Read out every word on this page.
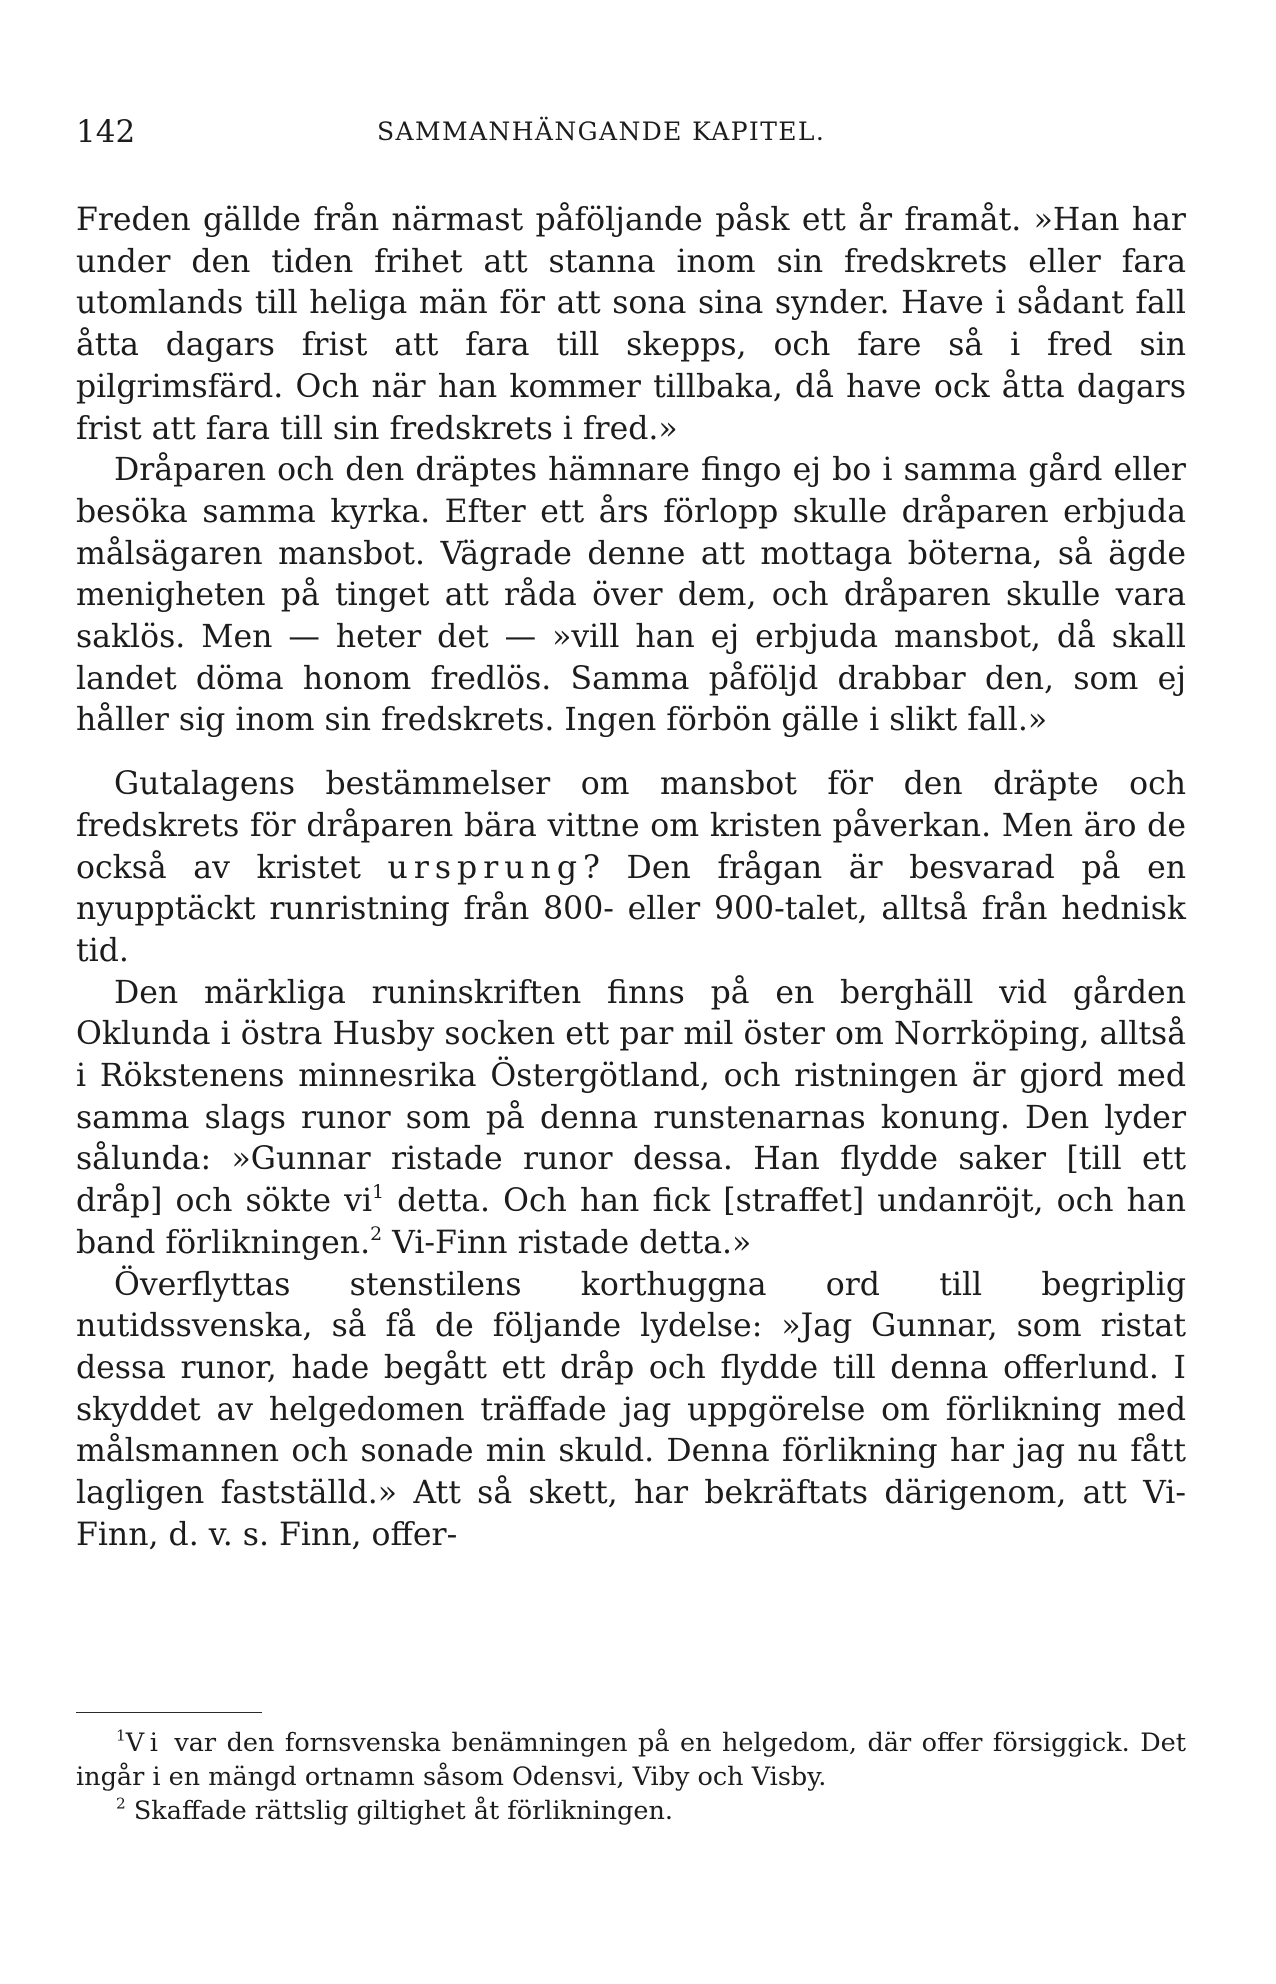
142	SAMMANHÄNGANDE KAPITEL.

Freden gällde från närmast påföljande påsk ett år framåt. »Han har under den tiden frihet att stanna inom sin fredskrets eller fara utomlands till heliga män för att sona sina synder. Have i sådant fall åtta dagars frist att fara till skepps, och fare så i fred sin pilgrimsfärd. Och när han kommer tillbaka, då have ock åtta dagars frist att fara till sin fredskrets i fred.»

Dråparen och den dräptes hämnare fingo ej bo i samma gård eller besöka samma kyrka. Efter ett års förlopp skulle dråparen erbjuda målsägaren mansbot. Vägrade denne att mottaga böterna, så ägde menigheten på tinget att råda över dem, och dråparen skulle vara saklös. Men — heter det — »vill han ej erbjuda mansbot, då skall landet döma honom fredlös. Samma påföljd drabbar den, som ej håller sig inom sin fredskrets. Ingen förbön gälle i slikt fall.»

Gutalagens bestämmelser om mansbot för den dräpte och fredskrets för dråparen bära vittne om kristen påverkan. Men äro de också av kristet ursprung? Den frågan är besvarad på en nyupptäckt runristning från 800- eller 900-talet, alltså från hednisk tid.

Den märkliga runinskriften finns på en berghäll vid gården Oklunda i östra Husby socken ett par mil öster om Norrköping, alltså i Rökstenens minnesrika Östergötland, och ristningen är gjord med samma slags runor som på denna runstenarnas konung. Den lyder sålunda: »Gunnar ristade runor dessa. Han flydde saker [till ett dråp] och sökte $vi^1$ detta. Och han fick [straffet] undanröjt, och han band förlikningen.$^2$ Vi-Finn ristade detta.»

Överflyttas stenstilens korthuggna ord till begriplig nutidssvenska, så få de följande lydelse: »Jag Gunnar, som ristat dessa runor, hade begått ett dråp och flydde till denna offerlund. I skyddet av helgedomen träffade jag uppgörelse om förlikning med målsmannen och sonade min skuld. Denna förlikning har jag nu fått lagligen fastställd.» Att så skett, har bekräftats därigenom, att Vi-Finn, d. v. s. Finn, offer-

$^1$Vi var den fornsvenska benämningen på en helgedom, där offer försiggick. Det ingår i en mängd ortnamn såsom Odensvi, Viby och Visby.

$^2$ Skaffade rättslig giltighet åt förlikningen.
